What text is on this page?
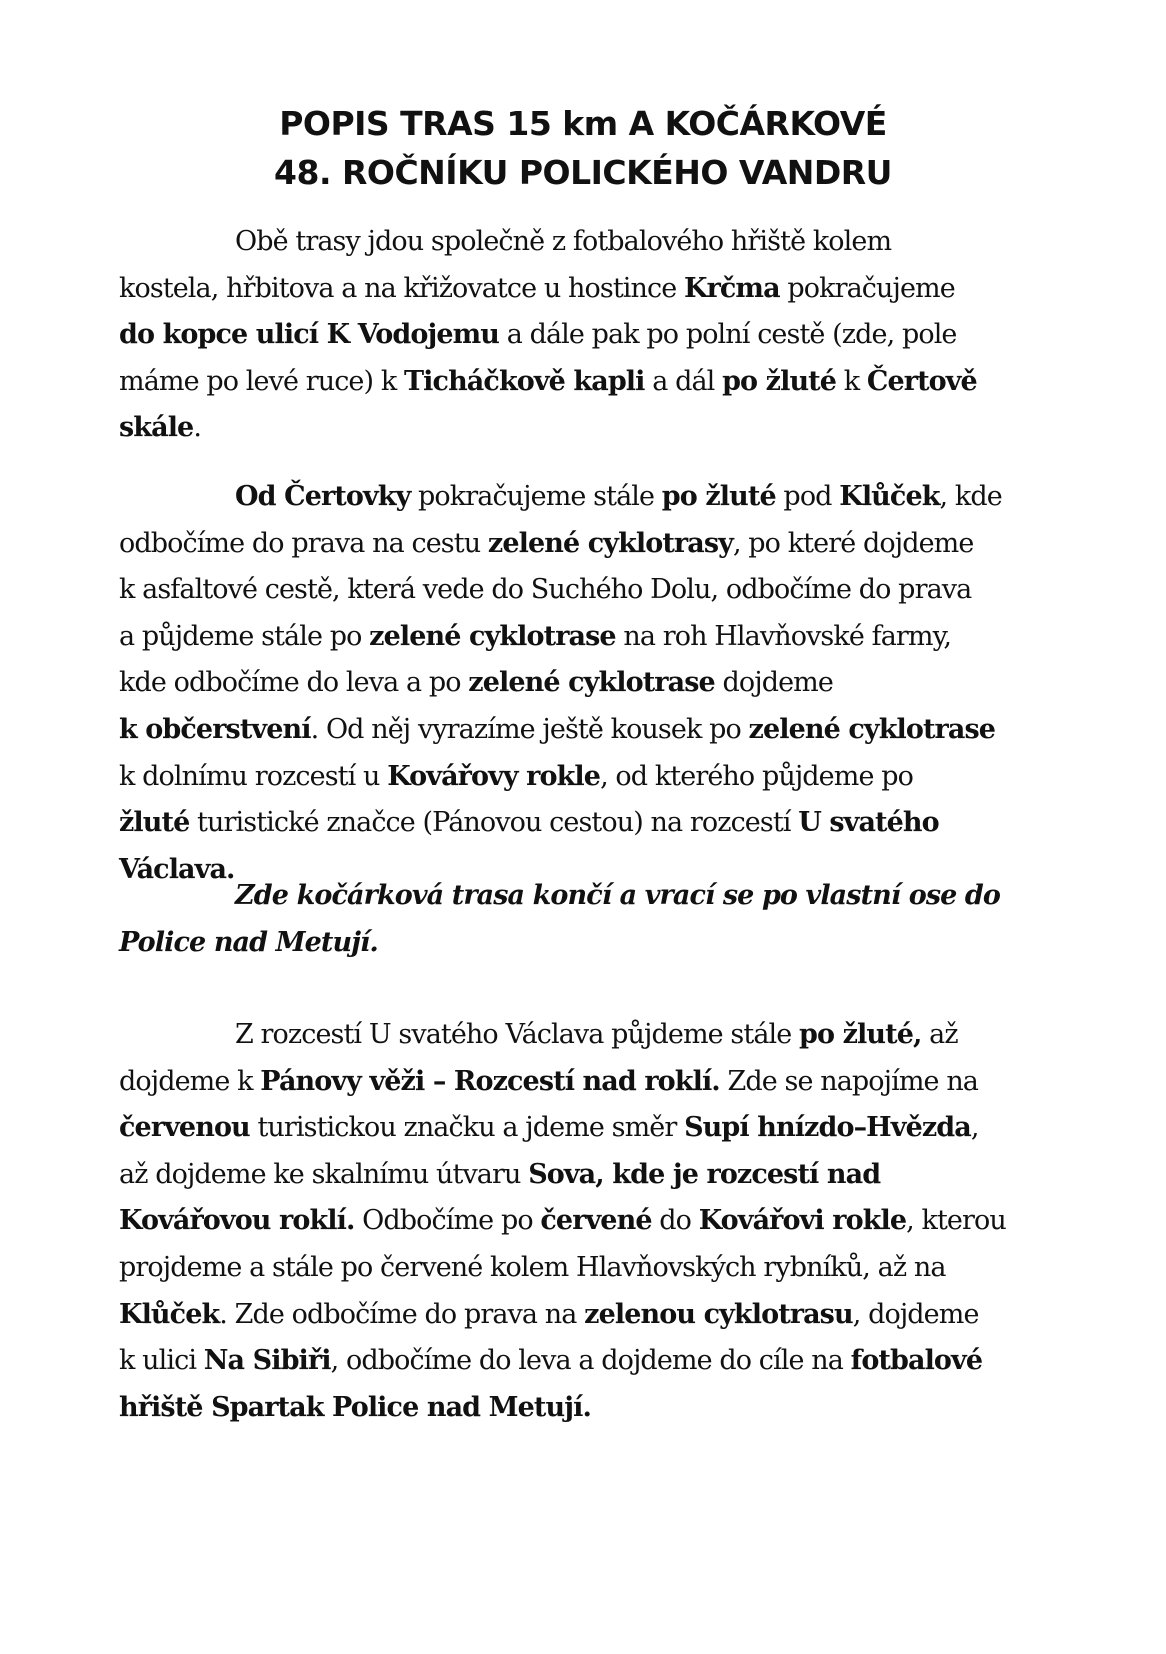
POPIS TRAS 15 km A KOČÁRKOVÉ
48. ROČNÍKU POLICKÉHO VANDRU
Obě trasy jdou společně z fotbalového hřiště kolem
kostela, hřbitova a na křižovatce u hostince Krčma pokračujeme
do kopce ulicí K Vodojemu a dále pak po polní cestě (zde, pole
máme po levé ruce) k Ticháčkově kapli a dál po žluté k Čertově
skále.
Od Čertovky pokračujeme stále po žluté pod Klůček, kde
odbočíme do prava na cestu zelené cyklotrasy, po které dojdeme
k asfaltové cestě, která vede do Suchého Dolu, odbočíme do prava
a půjdeme stále po zelené cyklotrase na roh Hlavňovské farmy,
kde odbočíme do leva a po zelené cyklotrase dojdeme
k občerstvení. Od něj vyrazíme ještě kousek po zelené cyklotrase
k dolnímu rozcestí u Kovářovy rokle, od kterého půjdeme po
žluté turistické značce (Pánovou cestou) na rozcestí U svatého
Václava.
Zde kočárková trasa končí a vrací se po vlastní ose do
Police nad Metují.
Z rozcestí U svatého Václava půjdeme stále po žluté, až
dojdeme k Pánovy věži – Rozcestí nad roklí. Zde se napojíme na
červenou turistickou značku a jdeme směr Supí hnízdo–Hvězda,
až dojdeme ke skalnímu útvaru Sova, kde je rozcestí nad
Kovářovou roklí. Odbočíme po červené do Kovářovi rokle, kterou
projdeme a stále po červené kolem Hlavňovských rybníků, až na
Klůček. Zde odbočíme do prava na zelenou cyklotrasu, dojdeme
k ulici Na Sibiři, odbočíme do leva a dojdeme do cíle na fotbalové
hřiště Spartak Police nad Metují.
